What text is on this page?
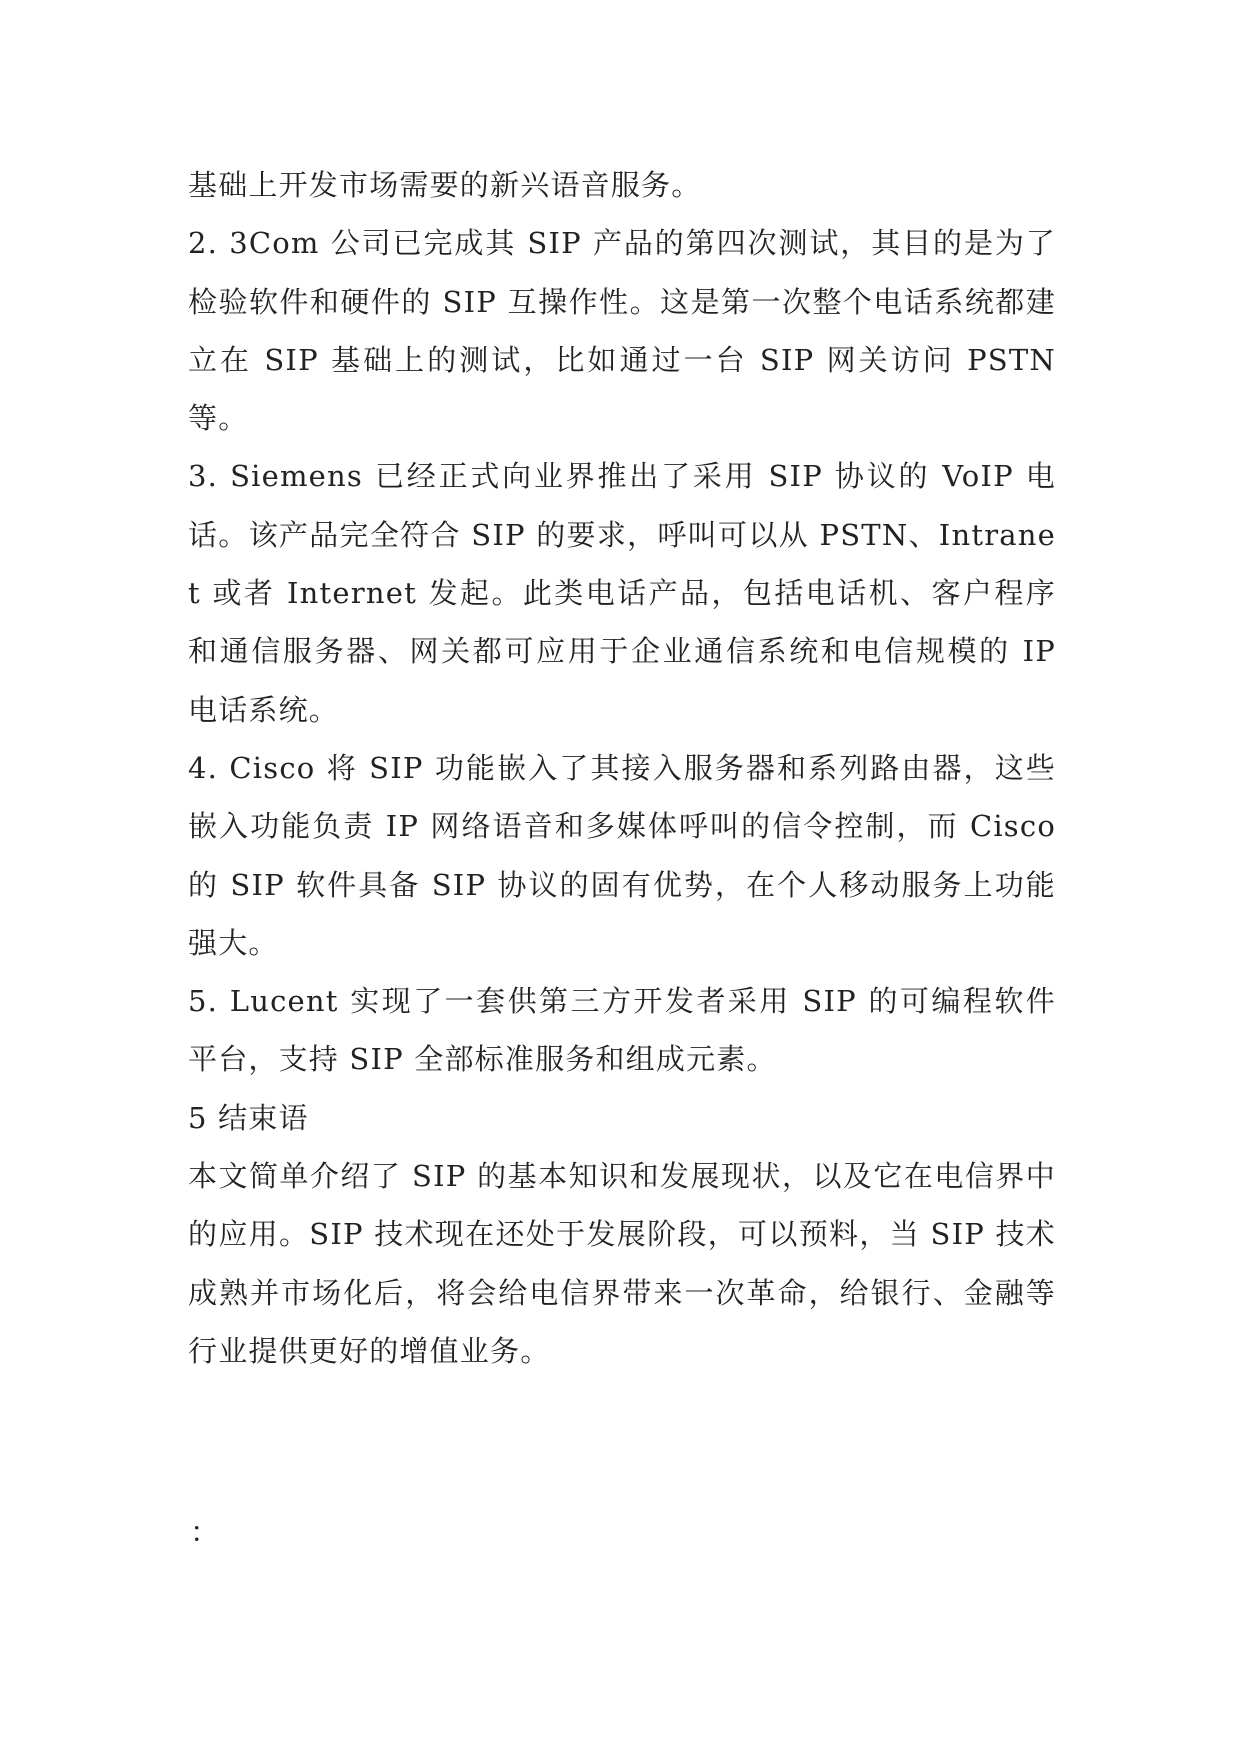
基础上开发市场需要的新兴语音服务。

2. 3Com 公司已完成其 SIP 产品的第四次测试，其目的是为了检验软件和硬件的 SIP 互操作性。这是第一次整个电话系统都建立在 SIP 基础上的测试，比如通过一台 SIP 网关访问 PSTN 等。

3. Siemens 已经正式向业界推出了采用 SIP 协议的 VoIP 电话。该产品完全符合 SIP 的要求，呼叫可以从 PSTN、Intranet 或者 Internet 发起。此类电话产品，包括电话机、客户程序和通信服务器、网关都可应用于企业通信系统和电信规模的 IP 电话系统。

4. Cisco 将 SIP 功能嵌入了其接入服务器和系列路由器，这些嵌入功能负责 IP 网络语音和多媒体呼叫的信令控制，而 Cisco 的 SIP 软件具备 SIP 协议的固有优势，在个人移动服务上功能强大。

5. Lucent 实现了一套供第三方开发者采用 SIP 的可编程软件平台，支持 SIP 全部标准服务和组成元素。

5 结束语

本文简单介绍了 SIP 的基本知识和发展现状，以及它在电信界中的应用。SIP 技术现在还处于发展阶段，可以预料，当 SIP 技术成熟并市场化后，将会给电信界带来一次革命，给银行、金融等行业提供更好的增值业务。

：
